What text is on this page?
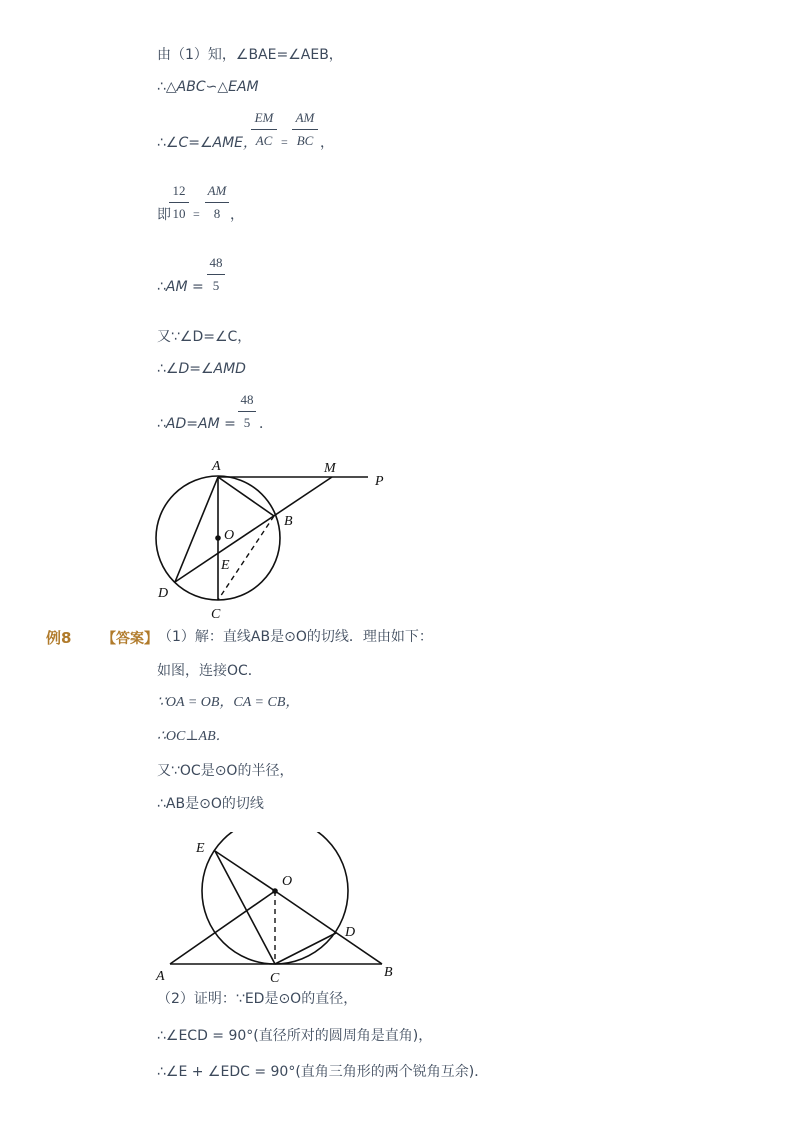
由（1）知，∠BAE=∠AEB，
∴△ABC∽△EAM
∴∠C=∠AME，
EM
AC =
AM
BC ，
即
12
10 =
AM
8 ，
∴AM =
48
5
又∵∠D=∠C，
∴∠D=∠AMD
∴AD=AM =
48
5 ．
A	M
P
B
O
E
D
C
例8 【答案】 （1）解：直线AB是⊙O的切线．理由如下：
如图，连接OC．
∵OA = OB，CA = CB，
∴OC⊥AB．
又∵OC是⊙O的半径，
∴AB是⊙O的切线
E
O
D
A	C	B
（2）证明：∵ED是⊙O的直径，
∴∠ECD = 90°(直径所对的圆周角是直角)，
∴∠E + ∠EDC = 90°(直角三角形的两个锐角互余)．
